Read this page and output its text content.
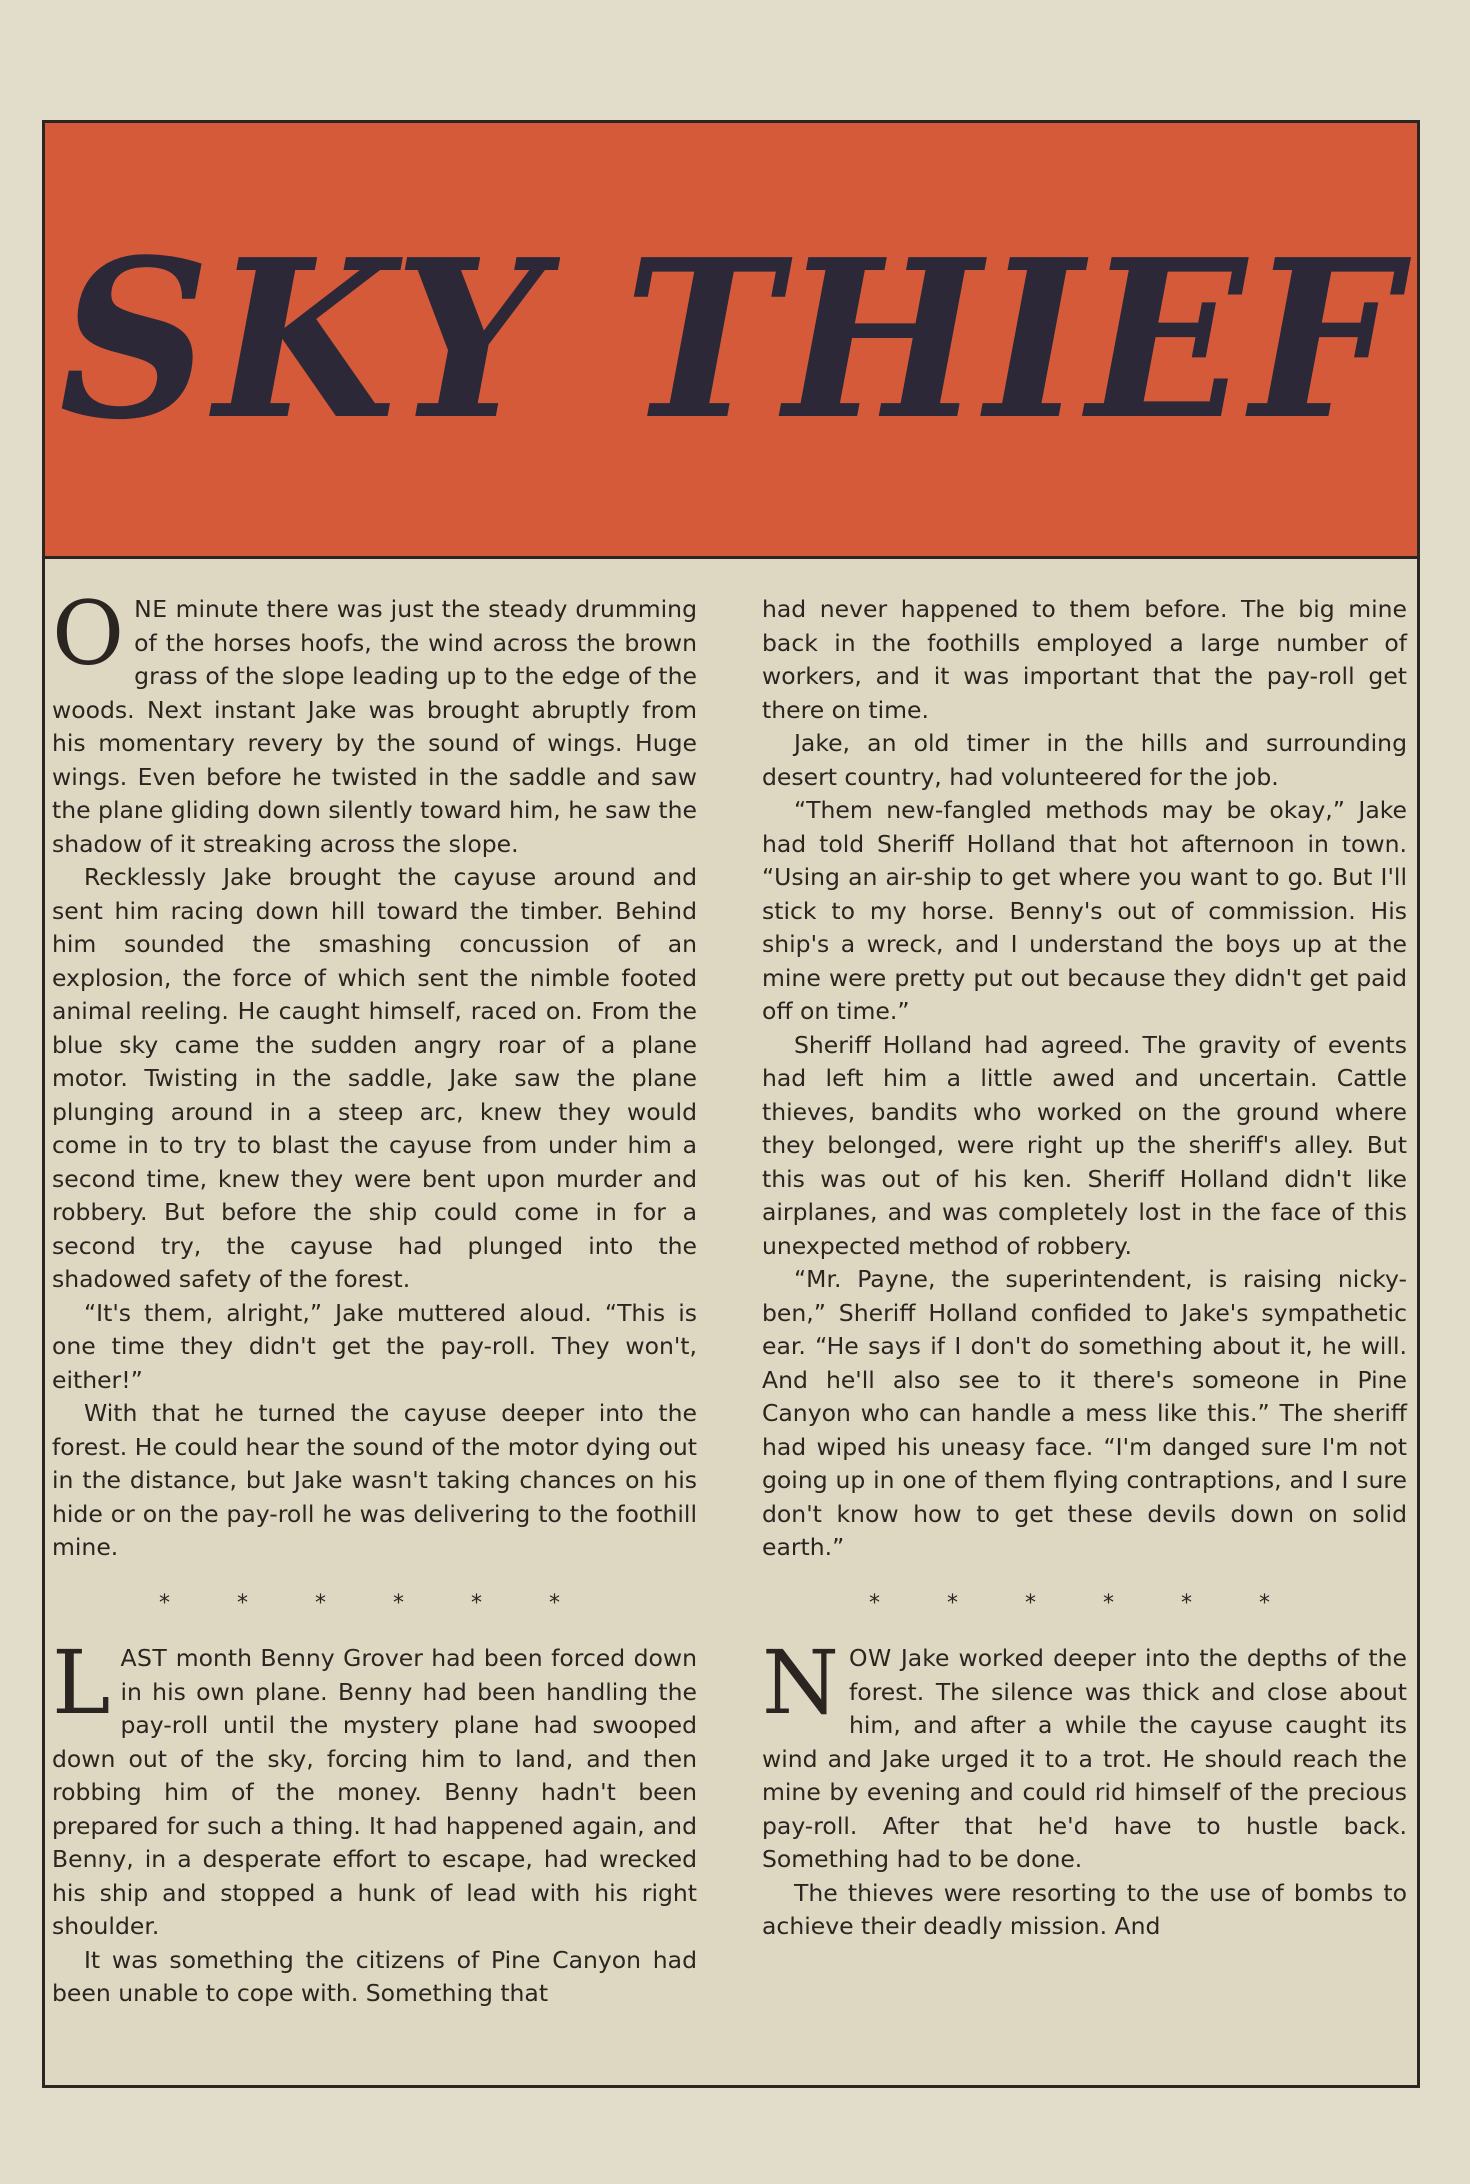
SKY THIEF

ONE minute there was just the steady drumming of the horses hoofs, the wind across the brown grass of the slope leading up to the edge of the woods. Next instant Jake was brought abruptly from his momentary revery by the sound of wings. Huge wings. Even before he twisted in the saddle and saw the plane gliding down silently toward him, he saw the shadow of it streaking across the slope.

Recklessly Jake brought the cayuse around and sent him racing down hill toward the timber. Behind him sounded the smashing concussion of an explosion, the force of which sent the nimble footed animal reeling. He caught himself, raced on. From the blue sky came the sudden angry roar of a plane motor. Twisting in the saddle, Jake saw the plane plunging around in a steep arc, knew they would come in to try to blast the cayuse from under him a second time, knew they were bent upon murder and robbery. But before the ship could come in for a second try, the cayuse had plunged into the shadowed safety of the forest.

“It's them, alright,” Jake muttered aloud. “This is one time they didn't get the pay-roll. They won't, either!”

With that he turned the cayuse deeper into the forest. He could hear the sound of the motor dying out in the distance, but Jake wasn't taking chances on his hide or on the pay-roll he was delivering to the foothill mine.

* * * * * *

LAST month Benny Grover had been forced down in his own plane. Benny had been handling the pay-roll until the mystery plane had swooped down out of the sky, forcing him to land, and then robbing him of the money. Benny hadn't been prepared for such a thing. It had happened again, and Benny, in a desperate effort to escape, had wrecked his ship and stopped a hunk of lead with his right shoulder.

It was something the citizens of Pine Canyon had been unable to cope with. Something that

had never happened to them before. The big mine back in the foothills employed a large number of workers, and it was important that the pay-roll get there on time.

Jake, an old timer in the hills and surrounding desert country, had volunteered for the job.

“Them new-fangled methods may be okay,” Jake had told Sheriff Holland that hot afternoon in town. “Using an air-ship to get where you want to go. But I'll stick to my horse. Benny's out of commission. His ship's a wreck, and I understand the boys up at the mine were pretty put out because they didn't get paid off on time.”

Sheriff Holland had agreed. The gravity of events had left him a little awed and uncertain. Cattle thieves, bandits who worked on the ground where they belonged, were right up the sheriff's alley. But this was out of his ken. Sheriff Holland didn't like airplanes, and was completely lost in the face of this unexpected method of robbery.

“Mr. Payne, the superintendent, is raising nicky-ben,” Sheriff Holland confided to Jake's sympathetic ear. “He says if I don't do something about it, he will. And he'll also see to it there's someone in Pine Canyon who can handle a mess like this.” The sheriff had wiped his uneasy face. “I'm danged sure I'm not going up in one of them flying contraptions, and I sure don't know how to get these devils down on solid earth.”

* * * * * *

NOW Jake worked deeper into the depths of the forest. The silence was thick and close about him, and after a while the cayuse caught its wind and Jake urged it to a trot. He should reach the mine by evening and could rid himself of the precious pay-roll. After that he'd have to hustle back. Something had to be done.

The thieves were resorting to the use of bombs to achieve their deadly mission. And
